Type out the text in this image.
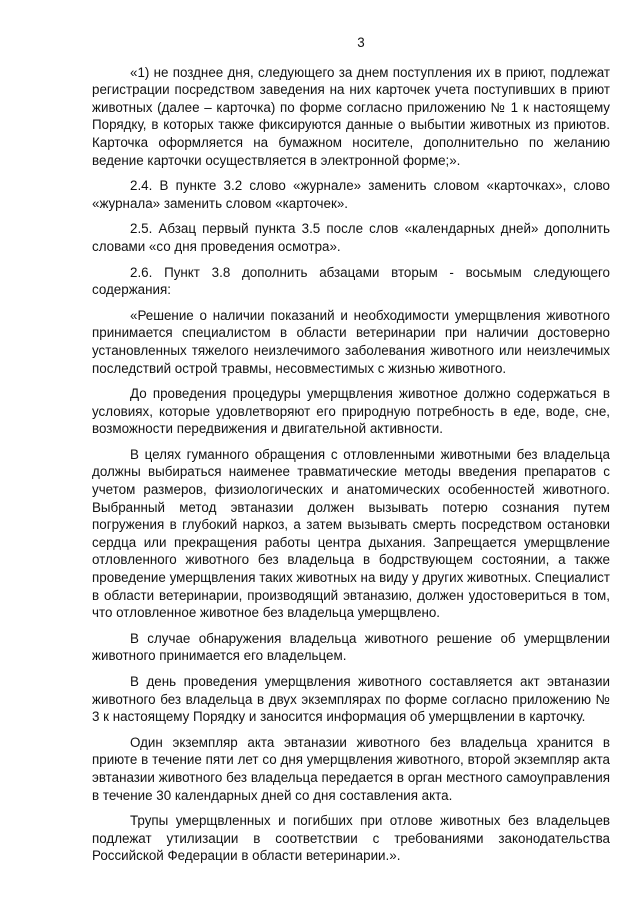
3

«1) не позднее дня, следующего за днем поступления их в приют, подлежат регистрации посредством заведения на них карточек учета поступивших в приют животных (далее – карточка) по форме согласно приложению № 1 к настоящему Порядку, в которых также фиксируются данные о выбытии животных из приютов. Карточка оформляется на бумажном носителе, дополнительно по желанию ведение карточки осуществляется в электронной форме;».

2.4. В пункте 3.2 слово «журнале» заменить словом «карточках», слово «журнала» заменить словом «карточек».

2.5. Абзац первый пункта 3.5 после слов «календарных дней» дополнить словами «со дня проведения осмотра».

2.6. Пункт 3.8 дополнить абзацами вторым - восьмым следующего содержания:

«Решение о наличии показаний и необходимости умерщвления животного принимается специалистом в области ветеринарии при наличии достоверно установленных тяжелого неизлечимого заболевания животного или неизлечимых последствий острой травмы, несовместимых с жизнью животного.

До проведения процедуры умерщвления животное должно содержаться в условиях, которые удовлетворяют его природную потребность в еде, воде, сне, возможности передвижения и двигательной активности.

В целях гуманного обращения с отловленными животными без владельца должны выбираться наименее травматические методы введения препаратов с учетом размеров, физиологических и анатомических особенностей животного. Выбранный метод эвтаназии должен вызывать потерю сознания путем погружения в глубокий наркоз, а затем вызывать смерть посредством остановки сердца или прекращения работы центра дыхания. Запрещается умерщвление отловленного животного без владельца в бодрствующем состоянии, а также проведение умерщвления таких животных на виду у других животных. Специалист в области ветеринарии, производящий эвтаназию, должен удостовериться в том, что отловленное животное без владельца умерщвлено.

В случае обнаружения владельца животного решение об умерщвлении животного принимается его владельцем.

В день проведения умерщвления животного составляется акт эвтаназии животного без владельца в двух экземплярах по форме согласно приложению № 3 к настоящему Порядку и заносится информация об умерщвлении в карточку.

Один экземпляр акта эвтаназии животного без владельца хранится в приюте в течение пяти лет со дня умерщвления животного, второй экземпляр акта эвтаназии животного без владельца передается в орган местного самоуправления в течение 30 календарных дней со дня составления акта.

Трупы умерщвленных и погибших при отлове животных без владельцев подлежат утилизации в соответствии с требованиями законодательства Российской Федерации в области ветеринарии.».
